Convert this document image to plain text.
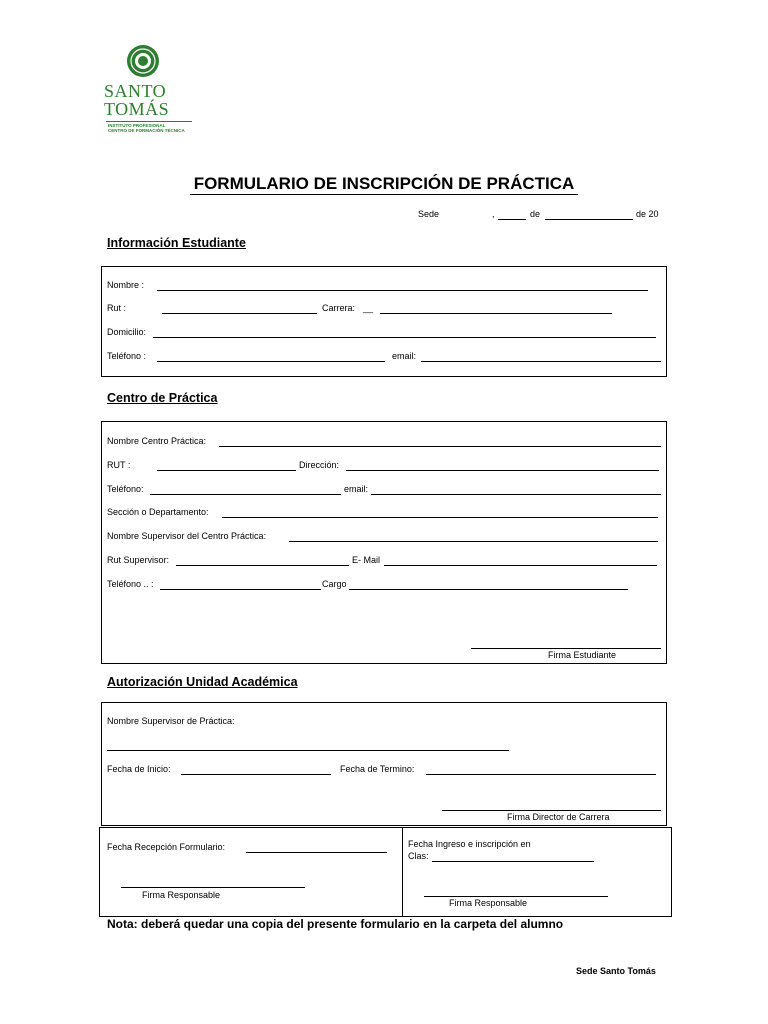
SANTO
TOMÁS
INSTITUTO PROFESIONAL
CENTRO DE FORMACIÓN TÉCNICA
FORMULARIO DE INSCRIPCIÓN DE PRÁCTICA
Sede	,	de	de 20
Información Estudiante
Nombre :
Rut :	Carrera: __
Domicilio:
Teléfono :	email:
Centro de Práctica
Nombre Centro Práctica:
RUT :	Dirección:
Teléfono:	email:
Sección o Departamento:
Nombre Supervisor del Centro Práctica:
Rut Supervisor:	E- Mail
Teléfono .. :	Cargo
Firma Estudiante
Autorización Unidad Académica
Nombre Supervisor de Práctica:
Fecha de Inicio:	Fecha de Termino:
Firma Director de Carrera
Fecha Recepción Formulario:
Firma Responsable
Fecha Ingreso e inscripción en
Clas:
Firma Responsable
Nota: deberá quedar una copia del presente formulario en la carpeta del alumno
Sede Santo Tomás
